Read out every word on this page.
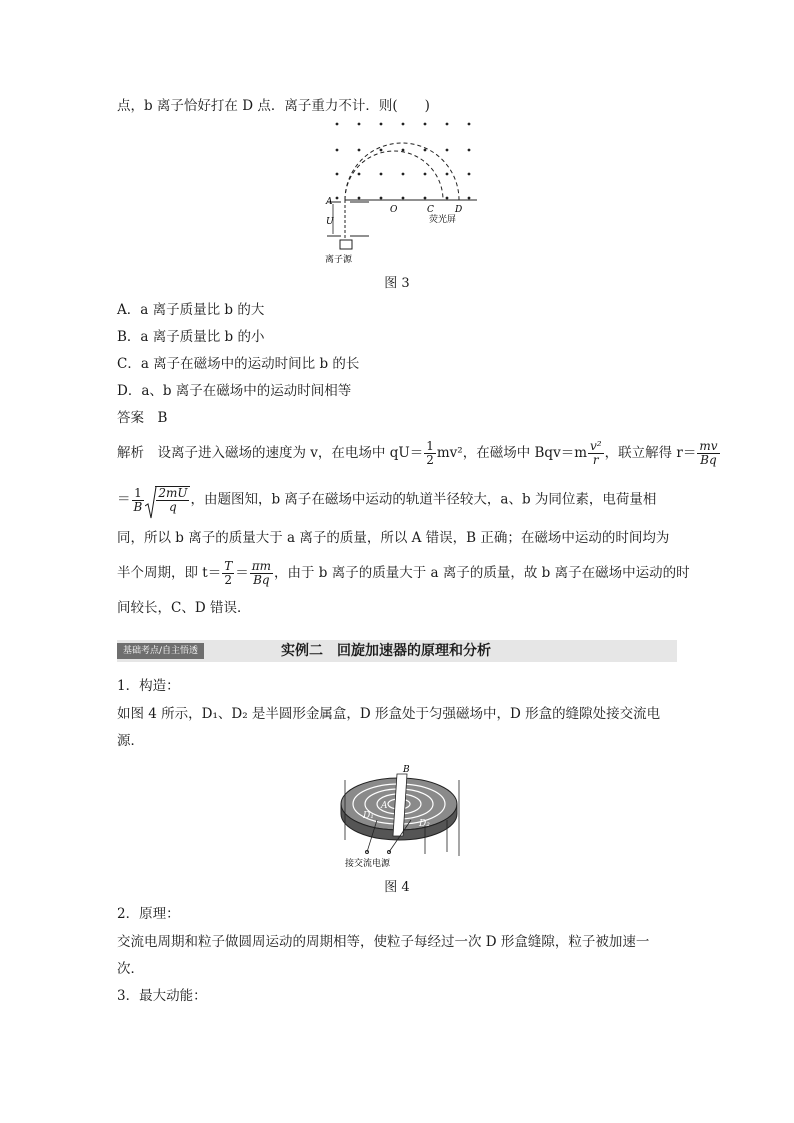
点，b 离子恰好打在 D 点．离子重力不计．则(　　)
A
U
O	C D
荧光屏
离子源
图 3
A．a 离子质量比 b 的大
B．a 离子质量比 b 的小
C．a 离子在磁场中的运动时间比 b 的长
D．a、b 离子在磁场中的运动时间相等
答案　B
解析　设离子进入磁场的速度为 v，在电场中 $qU= \frac{1}{2} mv^2$，在磁场中 $Bqv=m \frac{\text{v²}}{r}$ ，联立解得 $r= \frac{mv}{Bq}$
＝ $\frac{1}{B} \frac{2mU}{q}$ ，由题图知，b 离子在磁场中运动的轨道半径较大，a、b 为同位素，电荷量相
同，所以 b 离子的质量大于 a 离子的质量，所以 A 错误，B 正确；在磁场中运动的时间均为
半个周期，即 $t= \frac{T}{2} = \frac{\pi m}{Bq}$ ，由于 b 离子的质量大于 a 离子的质量，故 b 离子在磁场中运动的时
间较长，C、D 错误．
基础考点/自主悟透	实例二　回旋加速器的原理和分析
1．构造：
如图 4 所示，D₁、D₂ 是半圆形金属盒，D 形盒处于匀强磁场中，D 形盒的缝隙处接交流电
源．
B
A
D₁
D₂
接交流电源
图 4
2．原理：
交流电周期和粒子做圆周运动的周期相等，使粒子每经过一次 D 形盒缝隙，粒子被加速一
次．
3．最大动能：
